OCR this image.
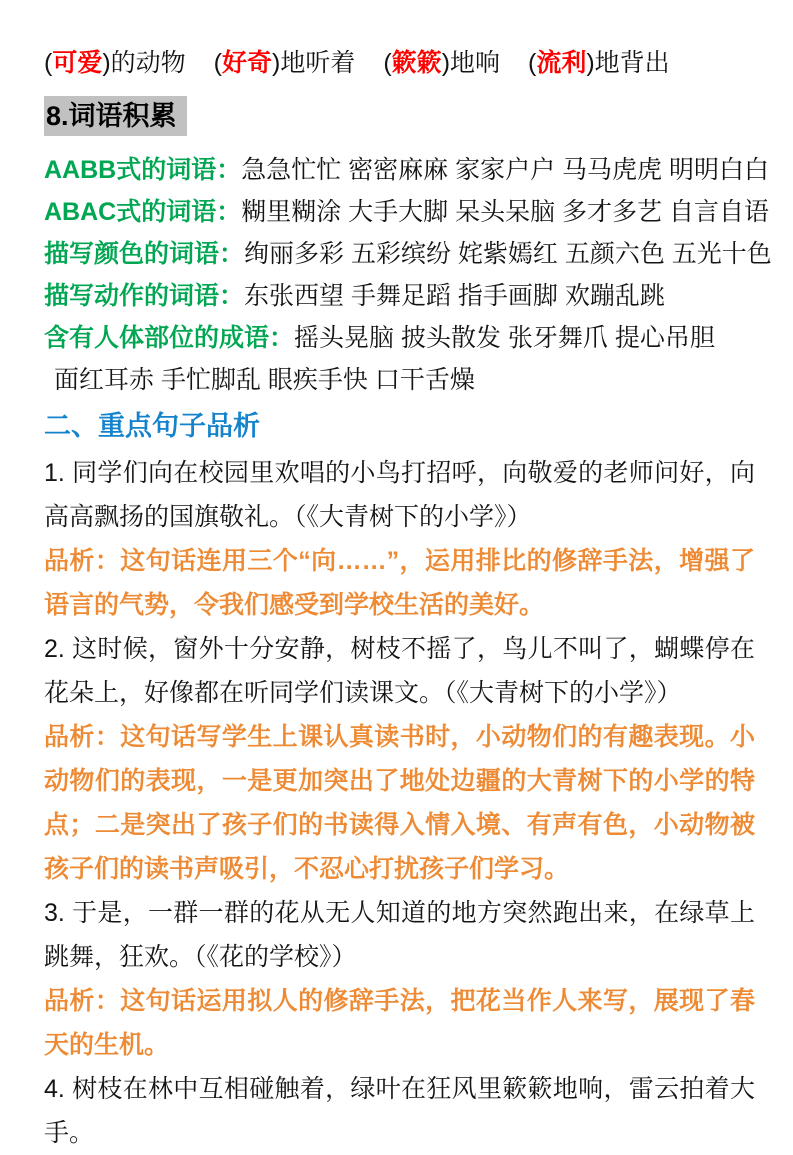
(可爱)的动物 (好奇)地听着 (簌簌)地响 (流利)地背出
8.词语积累
AABB式的词语：急急忙忙 密密麻麻 家家户户 马马虎虎 明明白白
ABAC式的词语：糊里糊涂 大手大脚 呆头呆脑 多才多艺 自言自语
描写颜色的词语：绚丽多彩 五彩缤纷 姹紫嫣红 五颜六色 五光十色
描写动作的词语：东张西望 手舞足蹈 指手画脚 欢蹦乱跳
含有人体部位的成语：摇头晃脑 披头散发 张牙舞爪 提心吊胆
面红耳赤 手忙脚乱 眼疾手快 口干舌燥
二、重点句子品析

1. 同学们向在校园里欢唱的小鸟打招呼，向敬爱的老师问好，向高高飘扬的国旗敬礼。（《大青树下的小学》）

品析：这句话连用三个“向……”，运用排比的修辞手法，增强了语言的气势，令我们感受到学校生活的美好。

2. 这时候，窗外十分安静，树枝不摇了，鸟儿不叫了，蝴蝶停在花朵上，好像都在听同学们读课文。（《大青树下的小学》）

品析：这句话写学生上课认真读书时，小动物们的有趣表现。小动物们的表现，一是更加突出了地处边疆的大青树下的小学的特点；二是突出了孩子们的书读得入情入境、有声有色，小动物被孩子们的读书声吸引，不忍心打扰孩子们学习。

3. 于是，一群一群的花从无人知道的地方突然跑出来，在绿草上跳舞，狂欢。（《花的学校》）

品析：这句话运用拟人的修辞手法，把花当作人来写，展现了春天的生机。

4. 树枝在林中互相碰触着，绿叶在狂风里簌簌地响，雷云拍着大手。
